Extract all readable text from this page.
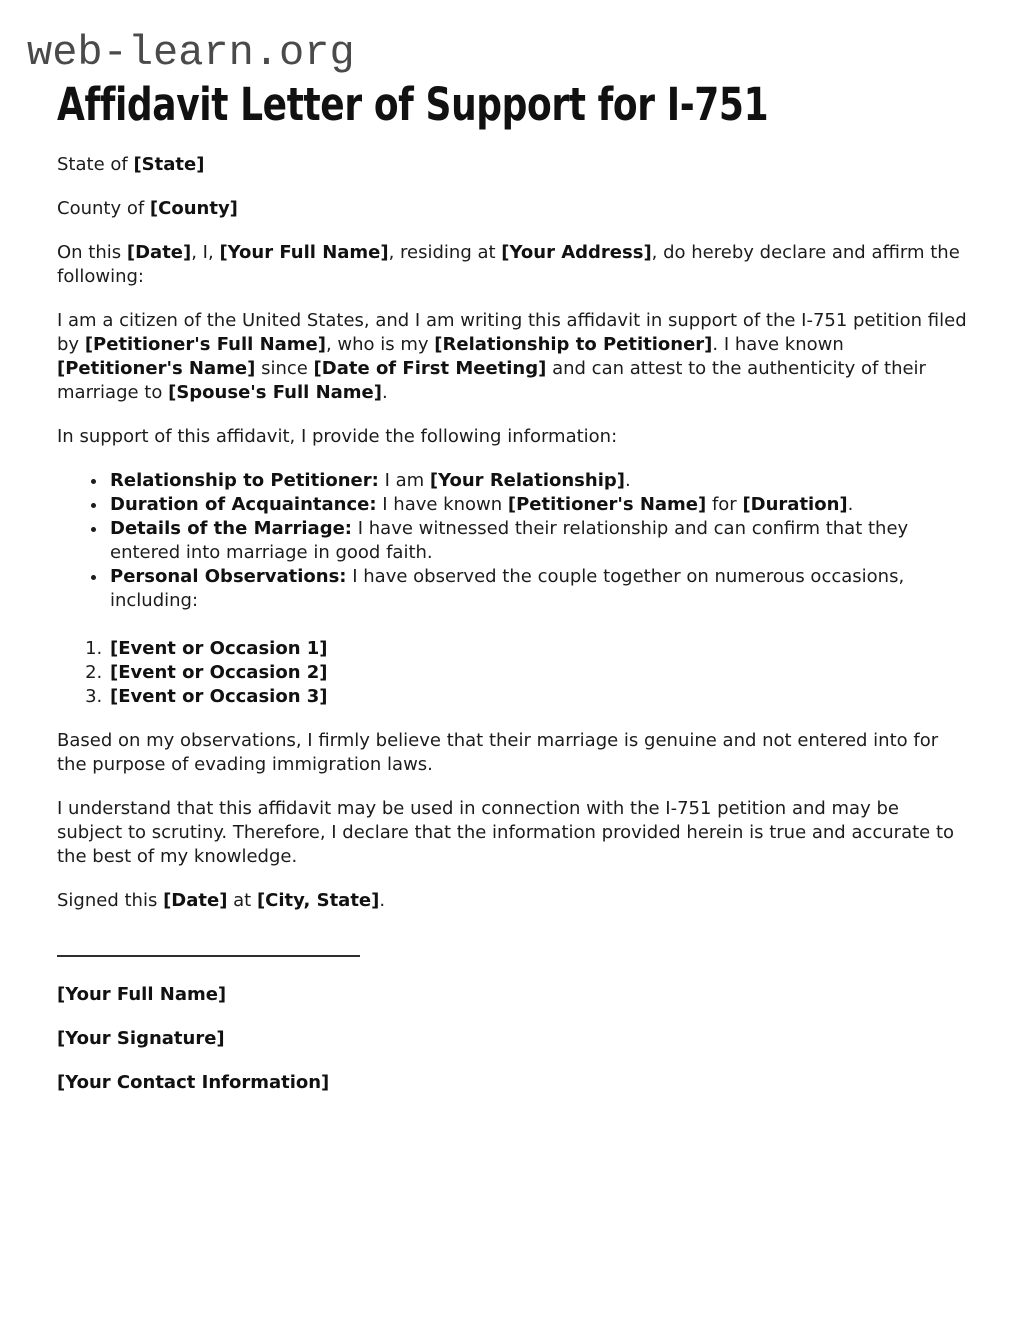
web-learn.org
Affidavit Letter of Support for I-751

State of [State]

County of [County]

On this [Date], I, [Your Full Name], residing at [Your Address], do hereby declare and affirm the following:

I am a citizen of the United States, and I am writing this affidavit in support of the I-751 petition filed by [Petitioner's Full Name], who is my [Relationship to Petitioner]. I have known [Petitioner's Name] since [Date of First Meeting] and can attest to the authenticity of their marriage to [Spouse's Full Name].

In support of this affidavit, I provide the following information:

• Relationship to Petitioner: I am [Your Relationship].
• Duration of Acquaintance: I have known [Petitioner's Name] for [Duration].
• Details of the Marriage: I have witnessed their relationship and can confirm that they entered into marriage in good faith.
• Personal Observations: I have observed the couple together on numerous occasions, including:
1. [Event or Occasion 1]
2. [Event or Occasion 2]
3. [Event or Occasion 3]

Based on my observations, I firmly believe that their marriage is genuine and not entered into for the purpose of evading immigration laws.

I understand that this affidavit may be used in connection with the I-751 petition and may be subject to scrutiny. Therefore, I declare that the information provided herein is true and accurate to the best of my knowledge.

Signed this [Date] at [City, State].

[Your Full Name]

[Your Signature]

[Your Contact Information]
